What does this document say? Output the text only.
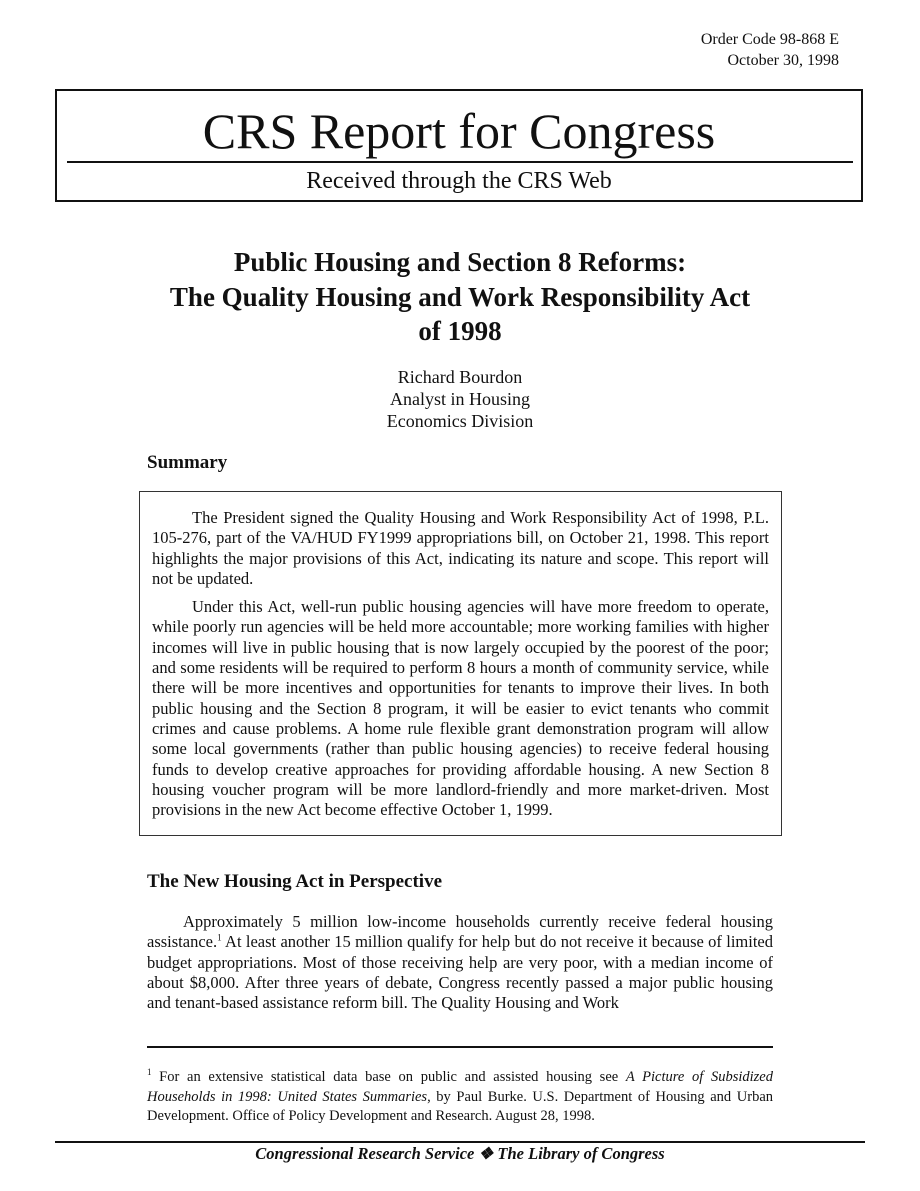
Order Code 98-868 E
October 30, 1998
CRS Report for Congress
Received through the CRS Web
Public Housing and Section 8 Reforms:
The Quality Housing and Work Responsibility Act
of 1998
Richard Bourdon
Analyst in Housing
Economics Division
Summary

The President signed the Quality Housing and Work Responsibility Act of 1998, P.L. 105-276, part of the VA/HUD FY1999 appropriations bill, on October 21, 1998. This report highlights the major provisions of this Act, indicating its nature and scope. This report will not be updated.

Under this Act, well-run public housing agencies will have more freedom to operate, while poorly run agencies will be held more accountable; more working families with higher incomes will live in public housing that is now largely occupied by the poorest of the poor; and some residents will be required to perform 8 hours a month of community service, while there will be more incentives and opportunities for tenants to improve their lives. In both public housing and the Section 8 program, it will be easier to evict tenants who commit crimes and cause problems. A home rule flexible grant demonstration program will allow some local governments (rather than public housing agencies) to receive federal housing funds to develop creative approaches for providing affordable housing. A new Section 8 housing voucher program will be more landlord-friendly and more market-driven. Most provisions in the new Act become effective October 1, 1999.

The New Housing Act in Perspective

Approximately 5 million low-income households currently receive federal housing assistance.$^1$ At least another 15 million qualify for help but do not receive it because of limited budget appropriations. Most of those receiving help are very poor, with a median income of about $8,000. After three years of debate, Congress recently passed a major public housing and tenant-based assistance reform bill. The Quality Housing and Work

$^1$ For an extensive statistical data base on public and assisted housing see A Picture of Subsidized Households in 1998: United States Summaries, by Paul Burke. U.S. Department of Housing and Urban Development. Office of Policy Development and Research. August 28, 1998.
Congressional Research Service ❖ The Library of Congress
